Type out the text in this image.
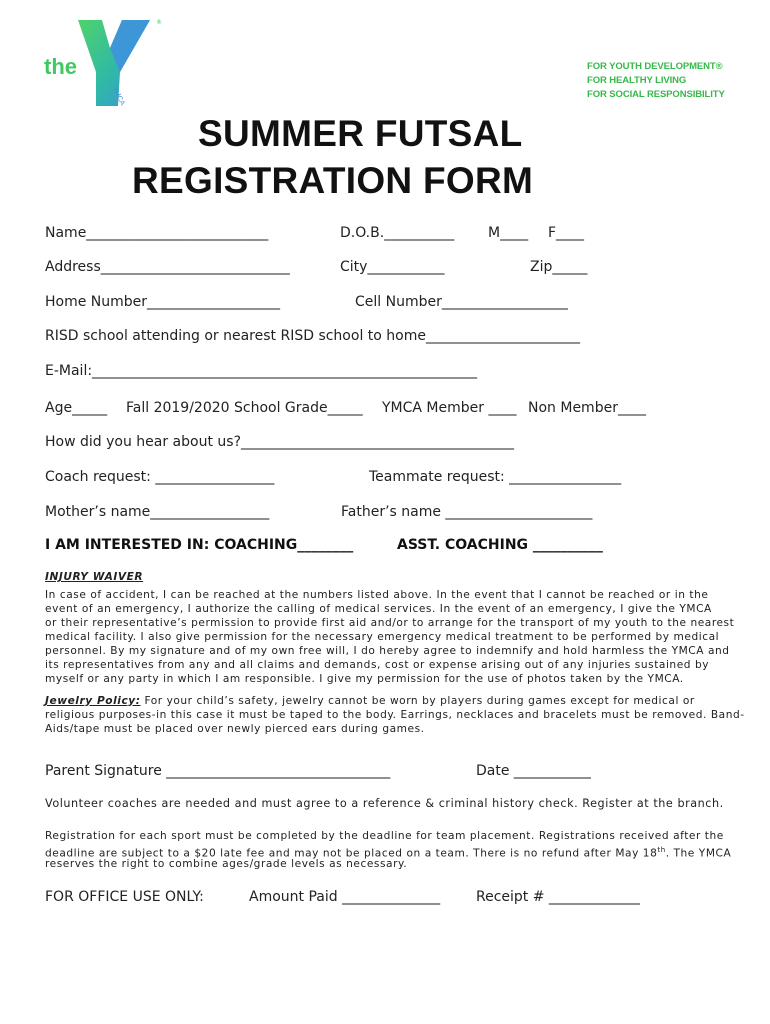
the
YMCA
®
FOR YOUTH DEVELOPMENT®
FOR HEALTHY LIVING
FOR SOCIAL RESPONSIBILITY
SUMMER FUTSAL
REGISTRATION FORM
Name__________________________	D.O.B.__________ M____ F____
Address___________________________	City___________	Zip_____
Home Number___________________	Cell Number__________________
RISD school attending or nearest RISD school to home______________________
E-Mail:_______________________________________________________
Age_____ Fall 2019/2020 School Grade_____ YMCA Member ____ Non Member____
How did you hear about us?_______________________________________
Coach request: _________________	Teammate request: ________________
Mother’s name_________________	Father’s name _____________________
I AM INTERESTED IN: COACHING________	ASST. COACHING __________
INJURY WAIVER
In case of accident, I can be reached at the numbers listed above. In the event that I cannot be reached or in the
event of an emergency, I authorize the calling of medical services. In the event of an emergency, I give the YMCA
or their representative’s permission to provide first aid and/or to arrange for the transport of my youth to the nearest
medical facility. I also give permission for the necessary emergency medical treatment to be performed by medical
personnel. By my signature and of my own free will, I do hereby agree to indemnify and hold harmless the YMCA and
its representatives from any and all claims and demands, cost or expense arising out of any injuries sustained by
myself or any party in which I am responsible. I give my permission for the use of photos taken by the YMCA.
Jewelry Policy: For your child’s safety, jewelry cannot be worn by players during games except for medical or
religious purposes-in this case it must be taped to the body. Earrings, necklaces and bracelets must be removed. Band-
Aids/tape must be placed over newly pierced ears during games.
Parent Signature ________________________________	Date ___________
Volunteer coaches are needed and must agree to a reference & criminal history check. Register at the branch.
Registration for each sport must be completed by the deadline for team placement. Registrations received after the
deadline are subject to a $20 late fee and may not be placed on a team. There is no refund after May 18th. The YMCA
reserves the right to combine ages/grade levels as necessary.
FOR OFFICE USE ONLY:	Amount Paid ______________	Receipt # _____________
